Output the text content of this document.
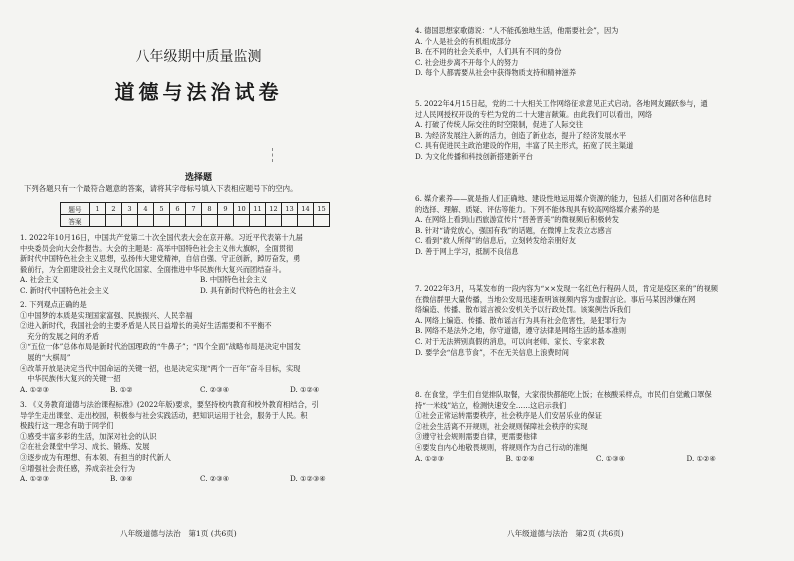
八年级期中质量监测
道德与法治试卷
选择题
下列各题只有一个最符合题意的答案，请将其字母标号填入下表相应题号下的空内。
题号	1	2	3	4	5	6	7	8	9	10	11	12	13	14	15
答案															

1. 2022年10月16日，中国共产党第二十次全国代表大会在京开幕。习近平代表第十九届

中央委员会向大会作报告。大会的主题是：高举中国特色社会主义伟大旗帜，全面贯彻

新时代中国特色社会主义思想，弘扬伟大建党精神，自信自强、守正创新，踔厉奋发，勇

毅前行，为全面建设社会主义现代化国家、全面推进中华民族伟大复兴而团结奋斗。

A. 社会主义	B. 中国特色社会主义
C. 新时代中国特色社会主义	D. 具有新时代特色的社会主义

2. 下列观点正确的是

①中国梦的本质是实现国家富强、民族振兴、人民幸福

②进入新时代，我国社会的主要矛盾是人民日益增长的美好生活需要和不平衡不

　充分的发展之间的矛盾

③“五位一体”总体布局是新时代治国理政的“牛鼻子”；“四个全面”战略布局是决定中国发

　展的“大棋局”

④改革开放是决定当代中国命运的关键一招，也是决定实现“两个一百年”奋斗目标，实现

　中华民族伟大复兴的关键一招

A. ①②③	B. ①②	C. ②③④	D. ①②④

3. 《义务教育道德与法治课程标准》(2022年版)要求，要坚持校内教育和校外教育相结合，引

导学生走出课堂、走出校园，积极参与社会实践活动，把知识运用于社会，服务于人民。积

极践行这一理念有助于同学们

①感受丰富多彩的生活，加深对社会的认识

②在社会课堂中学习、成长、锻炼、发展

③逐步成为有理想、有本领、有担当的时代新人

④增强社会责任感，养成亲社会行为

A. ①②③	B. ③④	C. ②③④	D. ①②③④
八年级道德与法治　第1页 (共6页)

4. 德国思想家歌德说：“人不能孤独地生活，他需要社会”，因为

A. 个人是社会的有机组成部分

B. 在不同的社会关系中，人们具有不同的身份

C. 社会进步离不开每个人的努力

D. 每个人都需要从社会中获得物质支持和精神滋养

5. 2022年4月15日起，党的二十大相关工作网络征求意见正式启动。各地网友踊跃参与，通

过人民网授权开设的专栏为党的二十大建言献策。由此我们可以看出，网络

A. 打破了传统人际交往的时空限制，促进了人际交往

B. 为经济发展注入新的活力，创造了新业态，提升了经济发展水平

C. 具有促进民主政治建设的作用，丰富了民主形式，拓宽了民主渠道

D. 为文化传播和科技创新搭建新平台

6. 媒介素养——就是指人们正确地、建设性地运用媒介资源的能力，包括人们面对各种信息时

的选择、理解、质疑、评估等能力。下列不能体现具有较高网络媒介素养的是

A. 在网络上看到山西旅游宣传片“晋善晋美”的微视频后积极转发

B. 针对“请党放心，强国有我”的话题，在微博上发表立志感言

C. 看到“救人所得”的信息后，立刻转发给亲朋好友

D. 善于网上学习，抵制不良信息

7. 2022年3月，马某发布的一段内容为“××发现一名红色行程码人员，肯定是疫区来的”的视频

在微信群里大量传播，当地公安局迅速查明该视频内容为虚假言论。事后马某因涉嫌在网

络编造、传播、散布谣言被公安机关予以行政处罚。该案例告诉我们

A. 网络上编造、传播、散布谣言行为具有社会危害性，是犯罪行为

B. 网络不是法外之地，你守道德，遵守法律是网络生活的基本准则

C. 对于无法辨别真假的消息，可以向老师、家长、专家求教

D. 要学会“信息节食”，不在无关信息上浪费时间

8. 在食堂，学生们自觉排队取餐，大家很快都能吃上饭；在核酸采样点，市民们自觉戴口罩保

持“一米线”站立，检测快速安全……这启示我们

①社会正常运转需要秩序，社会秩序是人们安居乐业的保证

②社会生活离不开规则，社会规则保障社会秩序的实现

③遵守社会规则需要自律，更需要他律

④要发自内心地敬畏规则，将规则作为自己行动的准绳

A. ①②③	B. ①②④	C. ①③④	D. ①②④
八年级道德与法治　第2页 (共6页)
